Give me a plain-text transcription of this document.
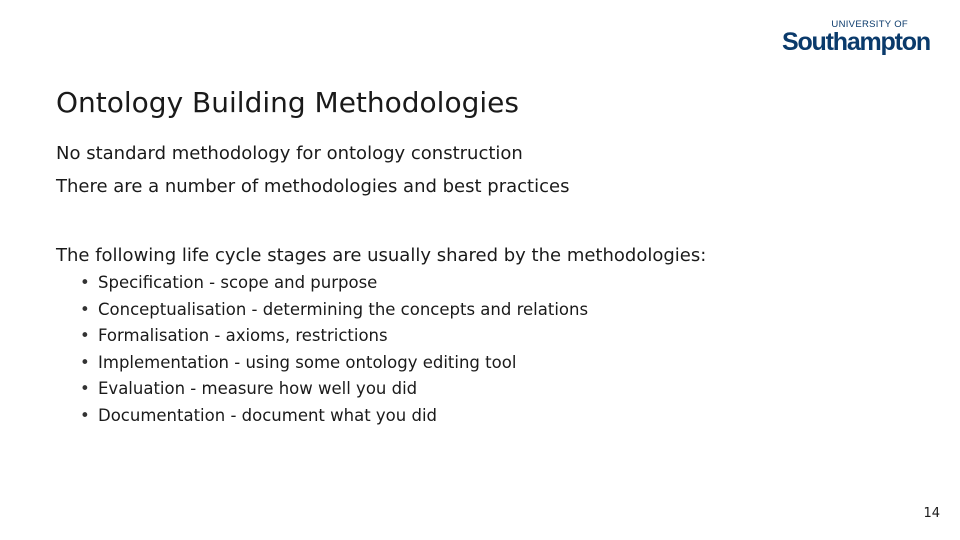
UNIVERSITY OF
Southampton
Ontology Building Methodologies
No standard methodology for ontology construction
There are a number of methodologies and best practices
The following life cycle stages are usually shared by the methodologies:
• Specification - scope and purpose
• Conceptualisation - determining the concepts and relations
• Formalisation - axioms, restrictions
• Implementation - using some ontology editing tool
• Evaluation - measure how well you did
• Documentation - document what you did
14
